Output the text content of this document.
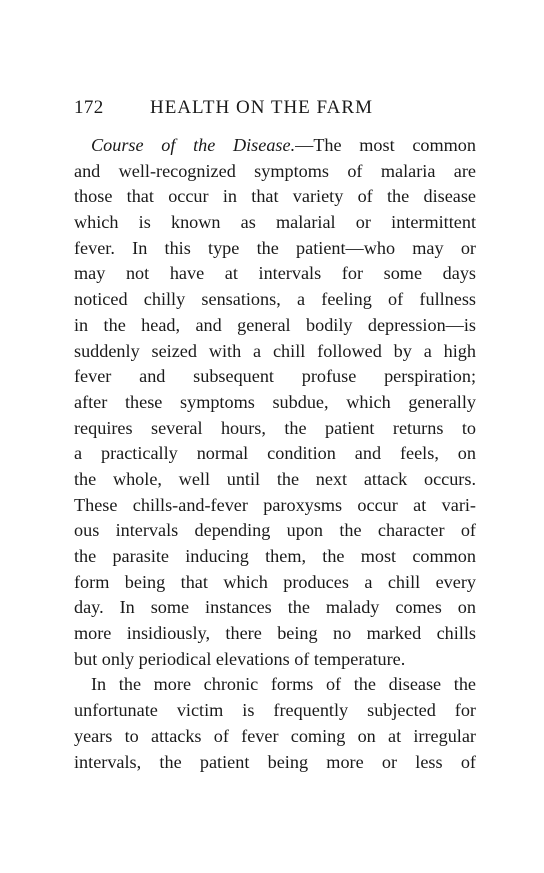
172 HEALTH ON THE FARM
Course of the Disease.—The most common
and well-recognized symptoms of malaria are
those that occur in that variety of the disease
which is known as malarial or intermittent
fever. In this type the patient—who may or
may not have at intervals for some days
noticed chilly sensations, a feeling of fullness
in the head, and general bodily depression—is
suddenly seized with a chill followed by a high
fever and subsequent profuse perspiration;
after these symptoms subdue, which generally
requires several hours, the patient returns to
a practically normal condition and feels, on
the whole, well until the next attack occurs.
These chills-and-fever paroxysms occur at vari-
ous intervals depending upon the character of
the parasite inducing them, the most common
form being that which produces a chill every
day. In some instances the malady comes on
more insidiously, there being no marked chills
but only periodical elevations of temperature.
In the more chronic forms of the disease the
unfortunate victim is frequently subjected for
years to attacks of fever coming on at irregular
intervals, the patient being more or less of
